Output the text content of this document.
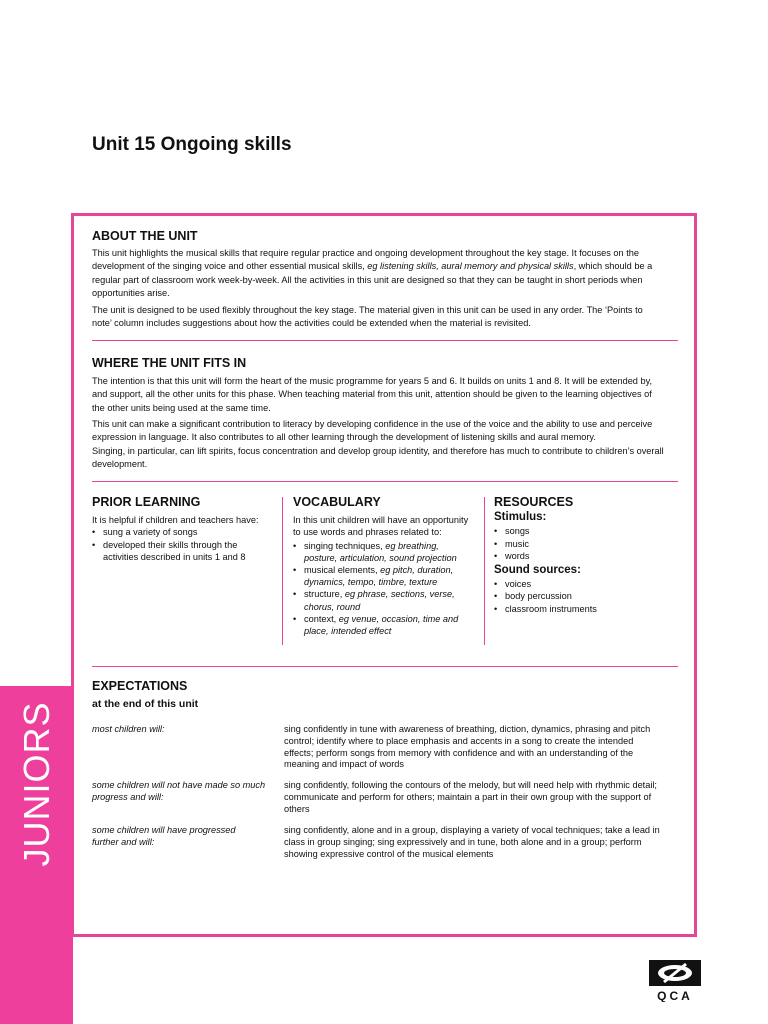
Unit 15 Ongoing skills
ABOUT THE UNIT

This unit highlights the musical skills that require regular practice and ongoing development throughout the key stage. It focuses on the development of the singing voice and other essential musical skills, eg listening skills, aural memory and physical skills, which should be a regular part of classroom work week-by-week. All the activities in this unit are designed so that they can be taught in short periods when opportunities arise.

The unit is designed to be used flexibly throughout the key stage. The material given in this unit can be used in any order. The ‘Points to note’ column includes suggestions about how the activities could be extended when the material is revisited.

WHERE THE UNIT FITS IN

The intention is that this unit will form the heart of the music programme for years 5 and 6. It builds on units 1 and 8. It will be extended by, and support, all the other units for this phase. When teaching material from this unit, attention should be given to the learning objectives of the other units being used at the same time.

This unit can make a significant contribution to literacy by developing confidence in the use of the voice and the ability to use and perceive expression in language. It also contributes to all other learning through the development of listening skills and aural memory.

Singing, in particular, can lift spirits, focus concentration and develop group identity, and therefore has much to contribute to children’s overall development.

PRIOR LEARNING
It is helpful if children and teachers have:
• sung a variety of songs
• developed their skills through the activities described in units 1 and 8
VOCABULARY
In this unit children will have an opportunity to use words and phrases related to:
• singing techniques, eg breathing, posture, articulation, sound projection
• musical elements, eg pitch, duration, dynamics, tempo, timbre, texture
• structure, eg phrase, sections, verse, chorus, round
• context, eg venue, occasion, time and place, intended effect
RESOURCES
Stimulus:
• songs
• music
• words
Sound sources:
• voices
• body percussion
• classroom instruments
EXPECTATIONS
at the end of this unit
most children will:	sing confidently in tune with awareness of breathing, diction, dynamics, phrasing and pitch control; identify where to place emphasis and accents in a song to create the intended effects; perform songs from memory with confidence and with an understanding of the meaning and impact of words
some children will not have made so much progress and will:
sing confidently, following the contours of the melody, but will need help with rhythmic detail; communicate and perform for others; maintain a part in their own group with the support of others
some children will have progressed further and will:
sing confidently, alone and in a group, displaying a variety of vocal techniques; take a lead in class in group singing; sing expressively and in tune, both alone and in a group; perform showing expressive control of the musical elements
JUNIORS
QCA
